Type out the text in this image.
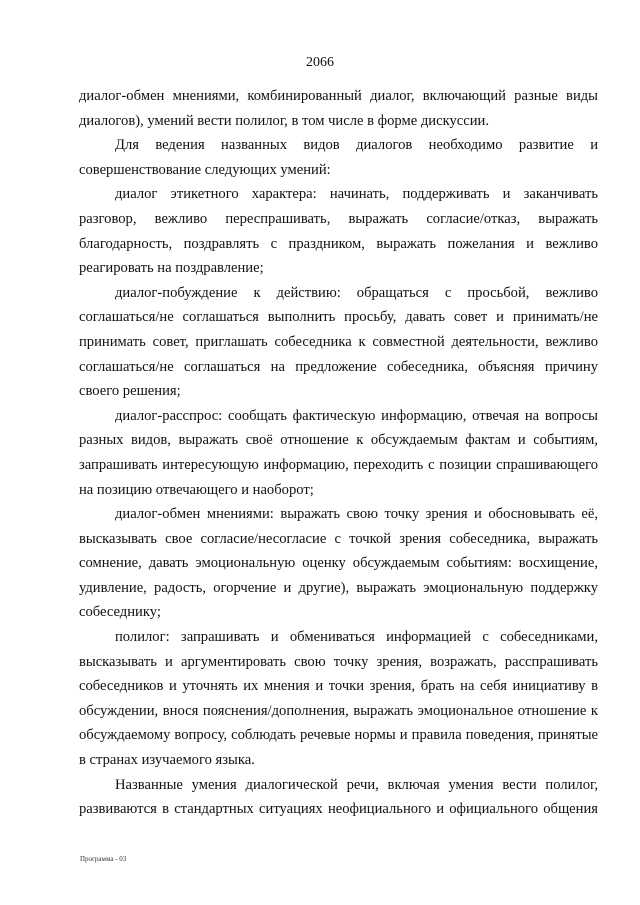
2066

диалог-обмен мнениями, комбинированный диалог, включающий разные виды диалогов), умений вести полилог, в том числе в форме дискуссии.

Для ведения названных видов диалогов необходимо развитие и совершенствование следующих умений:

диалог этикетного характера: начинать, поддерживать и заканчивать разговор, вежливо переспрашивать, выражать согласие/отказ, выражать благодарность, поздравлять с праздником, выражать пожелания и вежливо реагировать на поздравление;

диалог-побуждение к действию: обращаться с просьбой, вежливо соглашаться/не соглашаться выполнить просьбу, давать совет и принимать/не принимать совет, приглашать собеседника к совместной деятельности, вежливо соглашаться/не соглашаться на предложение собеседника, объясняя причину своего решения;

диалог-расспрос: сообщать фактическую информацию, отвечая на вопросы разных видов, выражать своё отношение к обсуждаемым фактам и событиям, запрашивать интересующую информацию, переходить с позиции спрашивающего на позицию отвечающего и наоборот;

диалог-обмен мнениями: выражать свою точку зрения и обосновывать её, высказывать свое согласие/несогласие с точкой зрения собеседника, выражать сомнение, давать эмоциональную оценку обсуждаемым событиям: восхищение, удивление, радость, огорчение и другие), выражать эмоциональную поддержку собеседнику;

полилог: запрашивать и обмениваться информацией с собеседниками, высказывать и аргументировать свою точку зрения, возражать, расспрашивать собеседников и уточнять их мнения и точки зрения, брать на себя инициативу в обсуждении, внося пояснения/дополнения, выражать эмоциональное отношение к обсуждаемому вопросу, соблюдать речевые нормы и правила поведения, принятые в странах изучаемого языка.

Названные умения диалогической речи, включая умения вести полилог, развиваются в стандартных ситуациях неофициального и официального общения

Программа - 03
